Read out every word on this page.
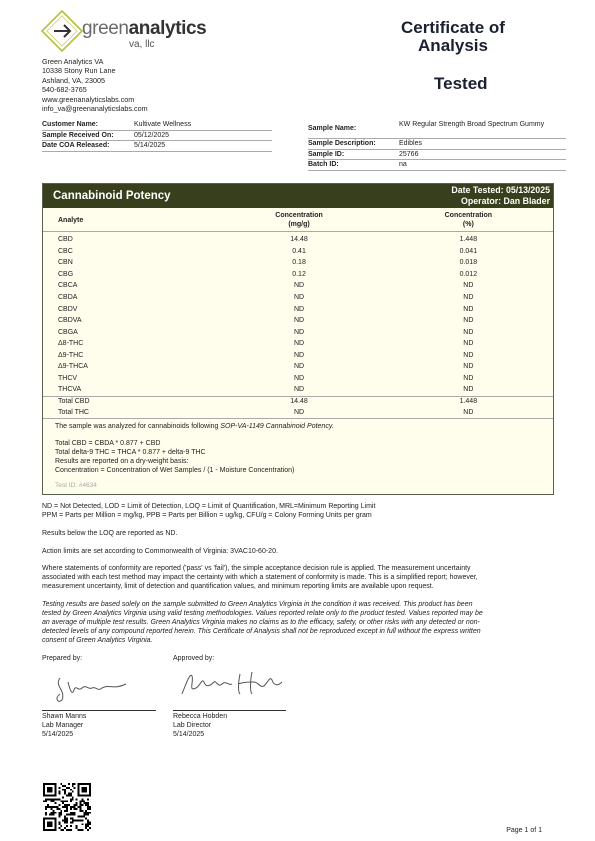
greenanalytics
va, llc
Certificate of
Analysis
Tested
Green Analytics VA
10338 Stony Run Lane
Ashland, VA, 23005
540-682-3765
www.greenanalyticslabs.com
info_va@greenanalyticslabs.com
Customer Name:	Kultivate Wellness
Sample Received On:	05/12/2025
Date COA Released:	5/14/2025
Sample Name:
KW Regular Strength Broad Spectrum Gummy
Sample Description:	Edibles
Sample ID:	25766
Batch ID:	na
Cannabinoid Potency	Date Tested: 05/13/2025
Operator: Dan Blader
Analyte
Concentration
(mg/g)
Concentration
(%)
CBD	14.48	1.448
CBC	0.41	0.041
CBN	0.18	0.018
CBG	0.12	0.012
CBCA	ND	ND
CBDA	ND	ND
CBDV	ND	ND
CBDVA	ND	ND
CBGA	ND	ND
Δ8-THC	ND	ND
Δ9-THC	ND	ND
Δ9-THCA	ND	ND
THCV	ND	ND
THCVA	ND	ND
Total CBD	14.48	1.448
Total THC	ND	ND
The sample was analyzed for cannabinoids following SOP-VA-1149 Cannabinoid Potency.
Total CBD = CBDA * 0.877 + CBD
Total delta-9 THC = THCA * 0.877 + delta-9 THC
Results are reported on a dry-weight basis:
Concentration = Concentration of Wet Samples / (1 - Moisture Concentration)
Test ID: #4634
ND = Not Detected, LOD = Limit of Detection, LOQ = Limit of Quantification, MRL=Minimum Reporting Limit
PPM = Parts per Million = mg/kg, PPB = Parts per Billion = ug/kg, CFU/g = Colony Forming Units per gram
Results below the LOQ are reported as ND.
Action limits are set according to Commonwealth of Virginia: 3VAC10-60-20.
Where statements of conformity are reported ('pass' vs 'fail'), the simple acceptance decision rule is applied. The measurement uncertainty
associated with each test method may impact the certainty with which a statement of conformity is made. This is a simplified report; however,
measurement uncertainty, limit of detection and quantification values, and minimum reporting limits are available upon request.
Testing results are based solely on the sample submitted to Green Analytics Virginia in the condition it was received. This product has been
tested by Green Analytics Virginia using valid testing methodologies. Values reported relate only to the product tested. Values reported may be
an average of multiple test results. Green Analytics Virginia makes no claims as to the efficacy, safety, or other risks with any detected or non-
detected levels of any compound reported herein. This Certificate of Analysis shall not be reproduced except in full without the express written
consent of Green Analytics Virginia.
Prepared by:	Approved by:
Shawn Manns
Lab Manager
5/14/2025
Rebecca Hobden
Lab Director
5/14/2025
Page 1 of 1
